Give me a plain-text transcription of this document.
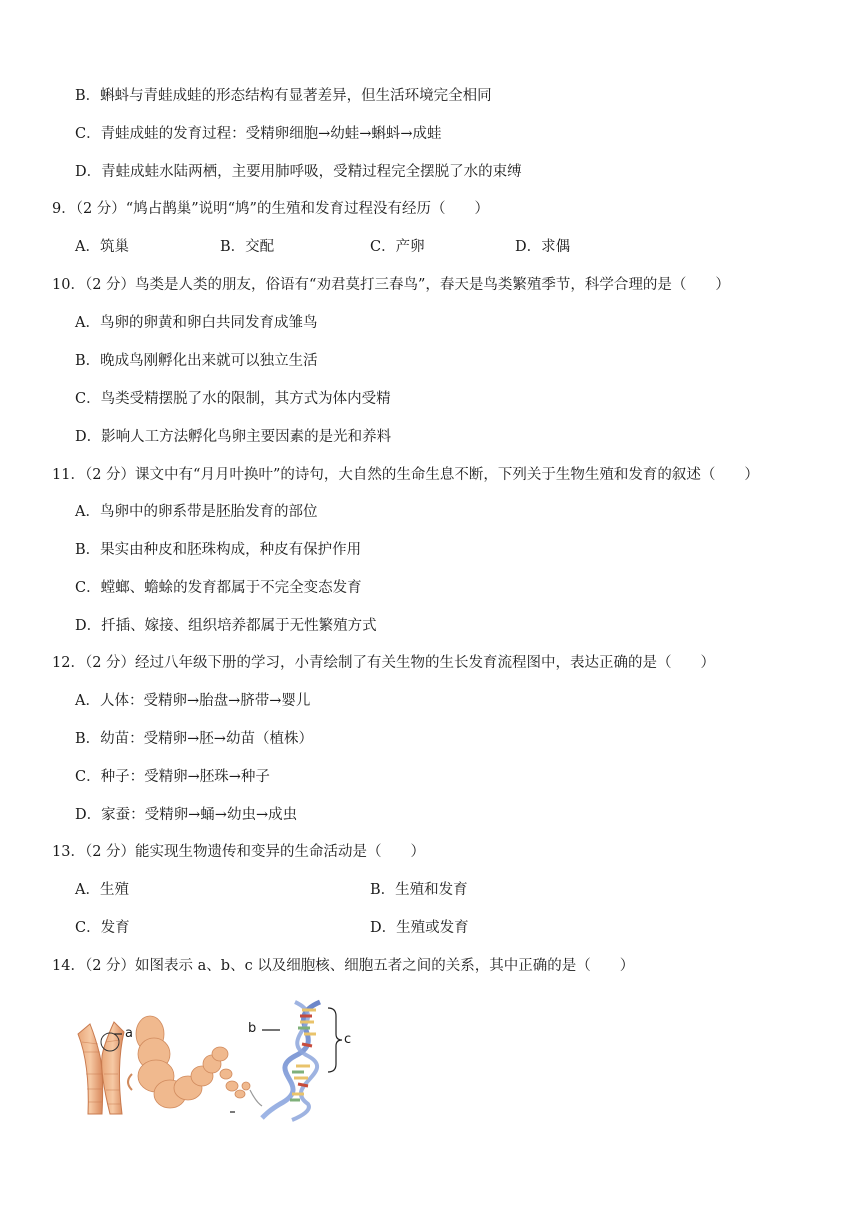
B．蝌蚪与青蛙成蛙的形态结构有显著差异，但生活环境完全相同
C．青蛙成蛙的发育过程：受精卵细胞→幼蛙→蝌蚪→成蛙
D．青蛙成蛙水陆两栖，主要用肺呼吸，受精过程完全摆脱了水的束缚
9．（2 分）“鸠占鹊巢”说明“鸠”的生殖和发育过程没有经历（　　）
A．筑巢	B．交配	C．产卵	D．求偶
10．（2 分）鸟类是人类的朋友，俗语有“劝君莫打三春鸟”，春天是鸟类繁殖季节，科学合理的是（　　）
A．鸟卵的卵黄和卵白共同发育成雏鸟
B．晚成鸟刚孵化出来就可以独立生活
C．鸟类受精摆脱了水的限制，其方式为体内受精
D．影响人工方法孵化鸟卵主要因素的是光和养料
11．（2 分）课文中有“月月叶换叶”的诗句，大自然的生命生息不断，下列关于生物生殖和发育的叙述（　　）
A．鸟卵中的卵系带是胚胎发育的部位
B．果实由种皮和胚珠构成，种皮有保护作用
C．螳螂、蟾蜍的发育都属于不完全变态发育
D．扦插、嫁接、组织培养都属于无性繁殖方式
12．（2 分）经过八年级下册的学习，小青绘制了有关生物的生长发育流程图中，表达正确的是（　　）
A．人体：受精卵→胎盘→脐带→婴儿
B．幼苗：受精卵→胚→幼苗（植株）
C．种子：受精卵→胚珠→种子
D．家蚕：受精卵→蛹→幼虫→成虫
13．（2 分）能实现生物遗传和变异的生命活动是（　　）
A．生殖	B．生殖和发育
C．发育	D．生殖或发育
14．（2 分）如图表示 a、b、c 以及细胞核、细胞五者之间的关系，其中正确的是（　　）
a	b
c
